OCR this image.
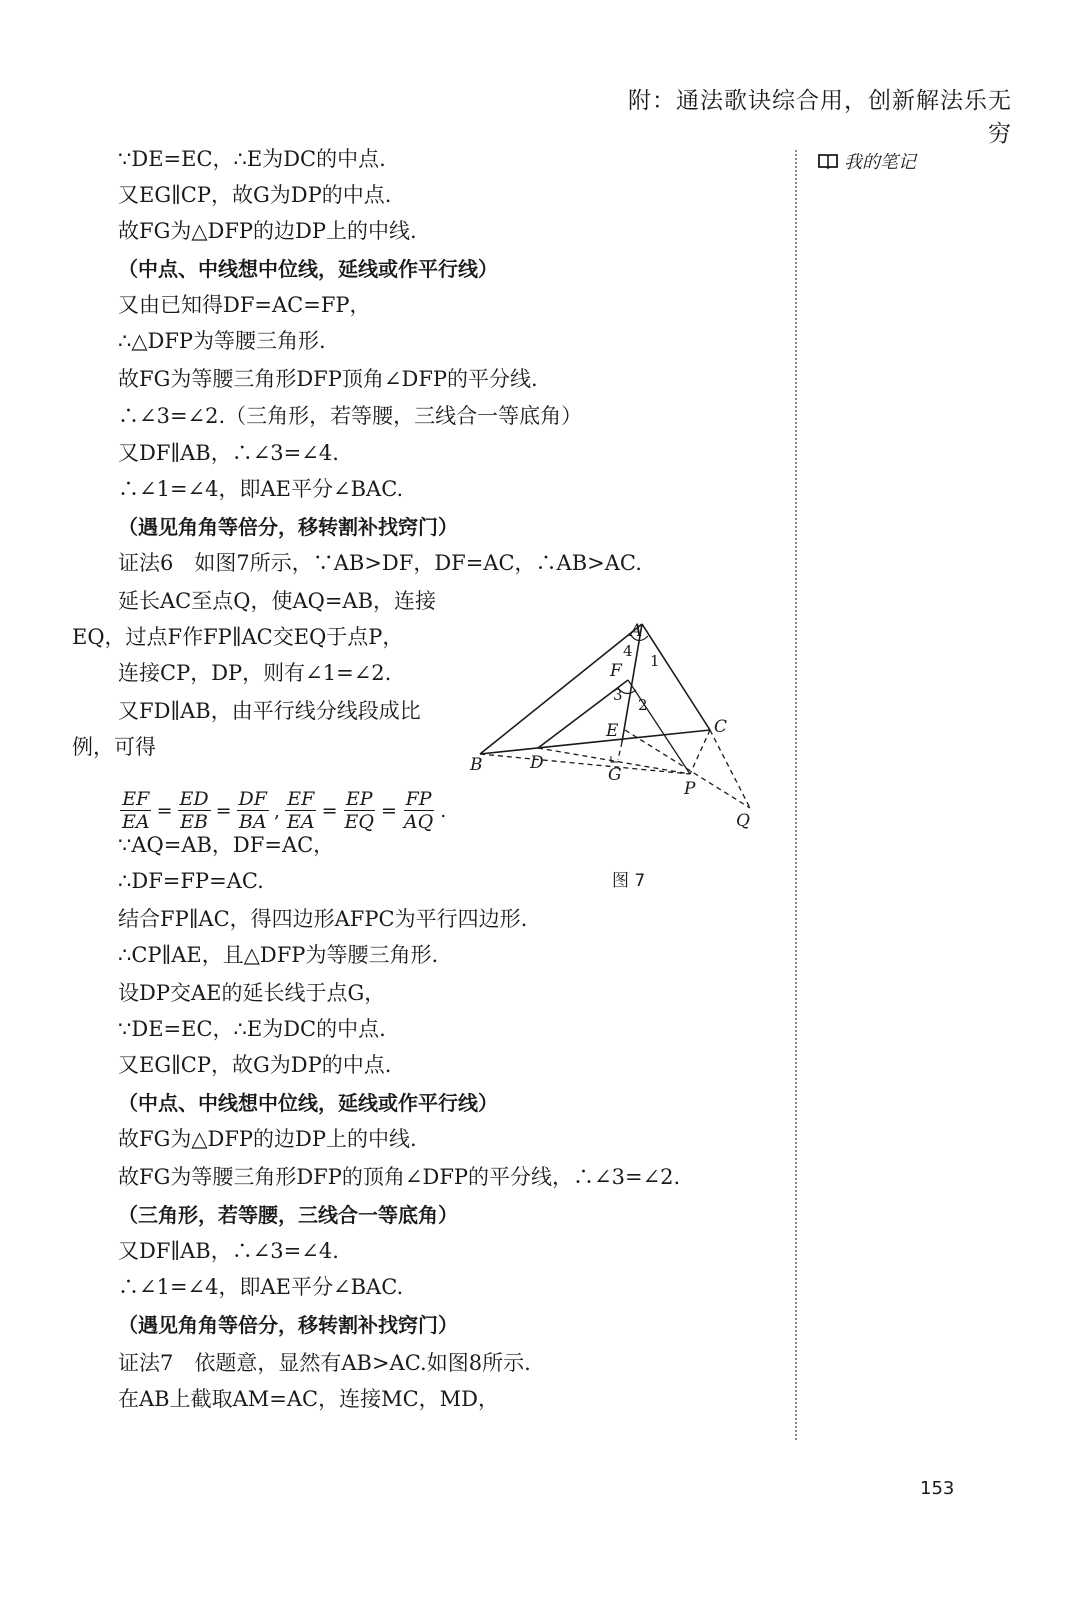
附：通法歌诀综合用，创新解法乐无穷
我的笔记
∵DE=EC，∴E为DC的中点.
又EG∥CP，故G为DP的中点.
故FG为△DFP的边DP上的中线.
（中点、中线想中位线，延线或作平行线）
又由已知得DF=AC=FP，
∴△DFP为等腰三角形.
故FG为等腰三角形DFP顶角∠DFP的平分线.
∴∠3=∠2.（三角形，若等腰，三线合一等底角）
又DF∥AB，∴∠3=∠4.
∴∠1=∠4，即AE平分∠BAC.
（遇见角角等倍分，移转割补找窍门）
证法6　如图7所示，∵AB>DF，DF=AC，∴AB>AC.
延长AC至点Q，使AQ=AB，连接
EQ，过点F作FP∥AC交EQ于点P，
连接CP，DP，则有∠1=∠2.
又FD∥AB，由平行线分线段成比
例，可得
$\frac{EF}{EA} = \frac{ED}{EB} = \frac{DF}{BA}$ , $\frac{EF}{EA} = \frac{EP}{EQ} = \frac{FP}{AQ}$ .
∵AQ=AB，DF=AC，
∴DF=FP=AC.
结合FP∥AC，得四边形AFPC为平行四边形.
∴CP∥AE，且△DFP为等腰三角形.
设DP交AE的延长线于点G，
∵DE=EC，∴E为DC的中点.
又EG∥CP，故G为DP的中点.
（中点、中线想中位线，延线或作平行线）
故FG为△DFP的边DP上的中线.
故FG为等腰三角形DFP的顶角∠DFP的平分线，∴∠3=∠2.
（三角形，若等腰，三线合一等底角）
又DF∥AB，∴∠3=∠4.
∴∠1=∠4，即AE平分∠BAC.
（遇见角角等倍分，移转割补找窍门）
证法7　依题意，显然有AB>AC.如图8所示.
在AB上截取AM=AC，连接MC，MD，
A
B
C
D
E
F
G
P
Q
1
2
3
4
图 7
153
